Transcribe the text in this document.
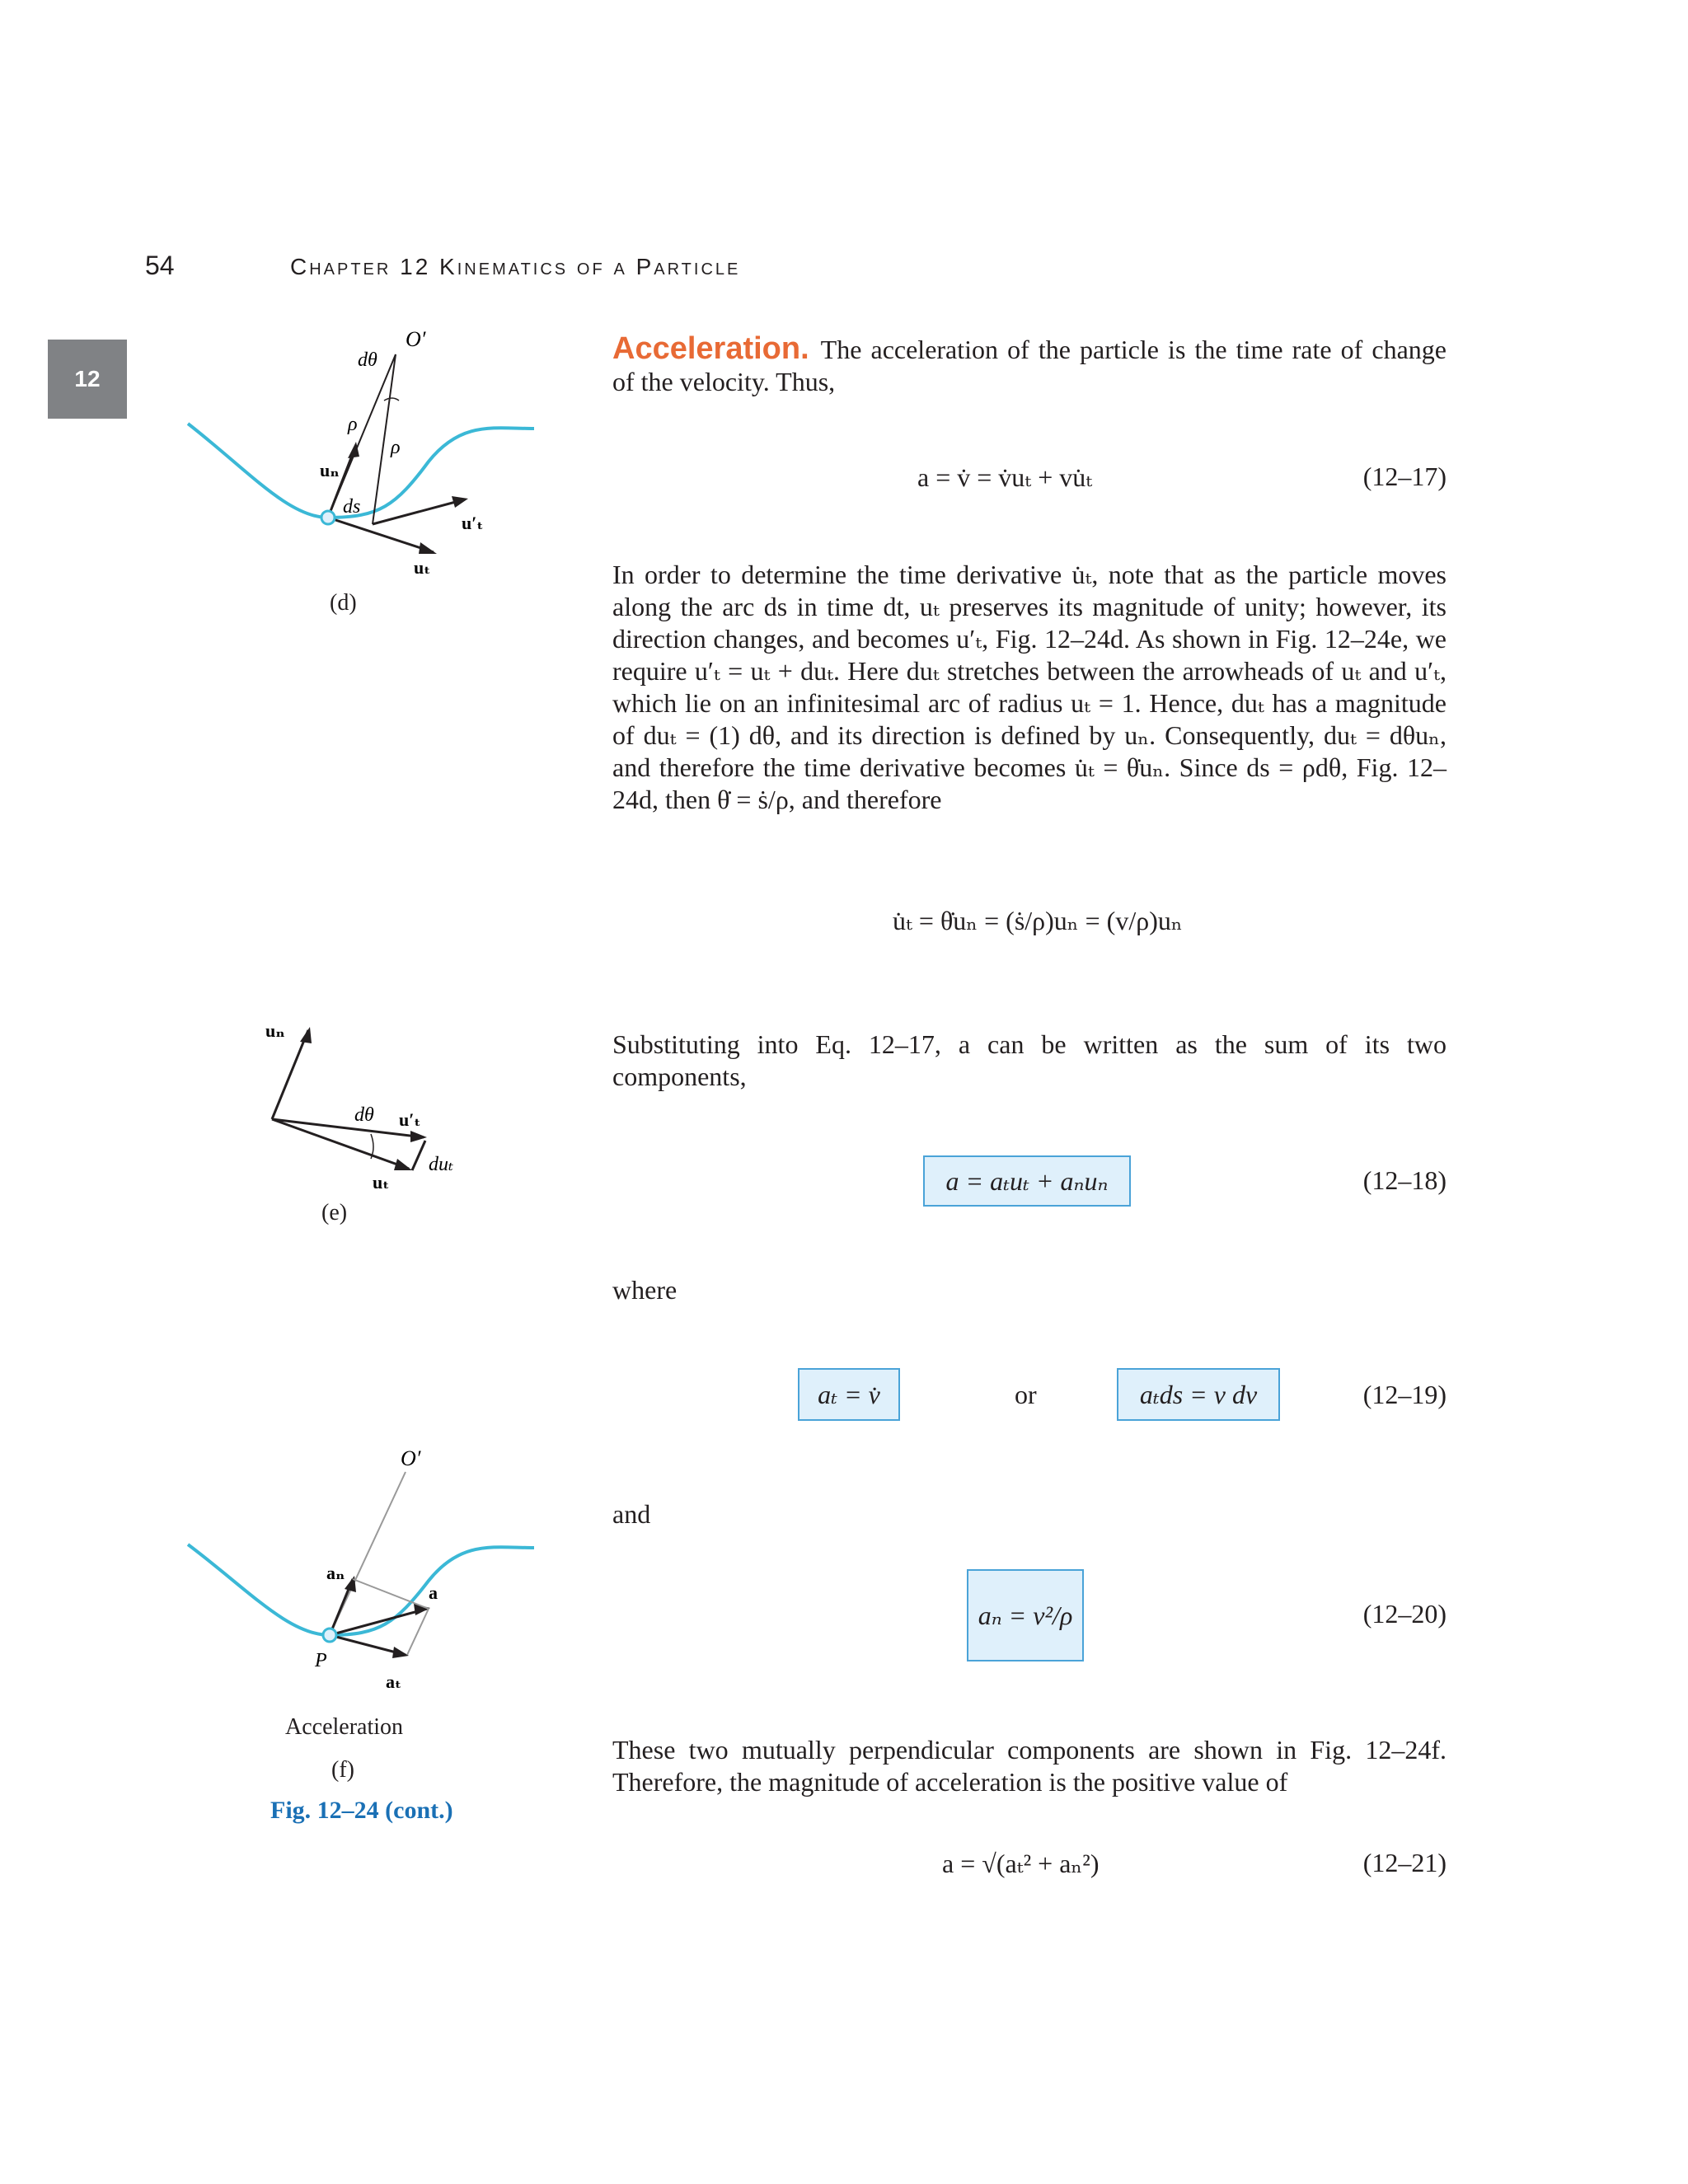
54	Chapter 12 Kinematics of a Particle
12
Acceleration. The acceleration of the particle is the time rate of change of the velocity. Thus,
a = v̇ = v̇uₜ + vu̇ₜ	(12–17)
In order to determine the time derivative u̇ₜ, note that as the particle moves along the arc ds in time dt, uₜ preserves its magnitude of unity; however, its direction changes, and becomes u′ₜ, Fig. 12–24d. As shown in Fig. 12–24e, we require u′ₜ = uₜ + duₜ. Here duₜ stretches between the arrowheads of uₜ and u′ₜ, which lie on an infinitesimal arc of radius uₜ = 1. Hence, duₜ has a magnitude of duₜ = (1) dθ, and its direction is defined by uₙ. Consequently, duₜ = dθuₙ, and therefore the time derivative becomes u̇ₜ = θ̇uₙ. Since ds = ρdθ, Fig. 12–24d, then θ̇ = ṡ/ρ, and therefore
u̇ₜ = θ̇uₙ = (ṡ/ρ)uₙ = (v/ρ)uₙ
Substituting into Eq. 12–17, a can be written as the sum of its two components,
a = aₜuₜ + aₙuₙ	(12–18)
where
aₜ = v̇	or	aₜds = v dv	(12–19)
and
aₙ = v²/ρ	(12–20)
These two mutually perpendicular components are shown in Fig. 12–24f. Therefore, the magnitude of acceleration is the positive value of
a = √(aₜ² + aₙ²)	(12–21)
O′
dθ
ρ
ρ
uₙ
ds
uₜ
u′ₜ
(d)
uₙ
dθ u′ₜ
duₜ
uₜ
(e)
O′
aₙ
a
P
aₜ
Acceleration
(f)
Fig. 12–24 (cont.)
